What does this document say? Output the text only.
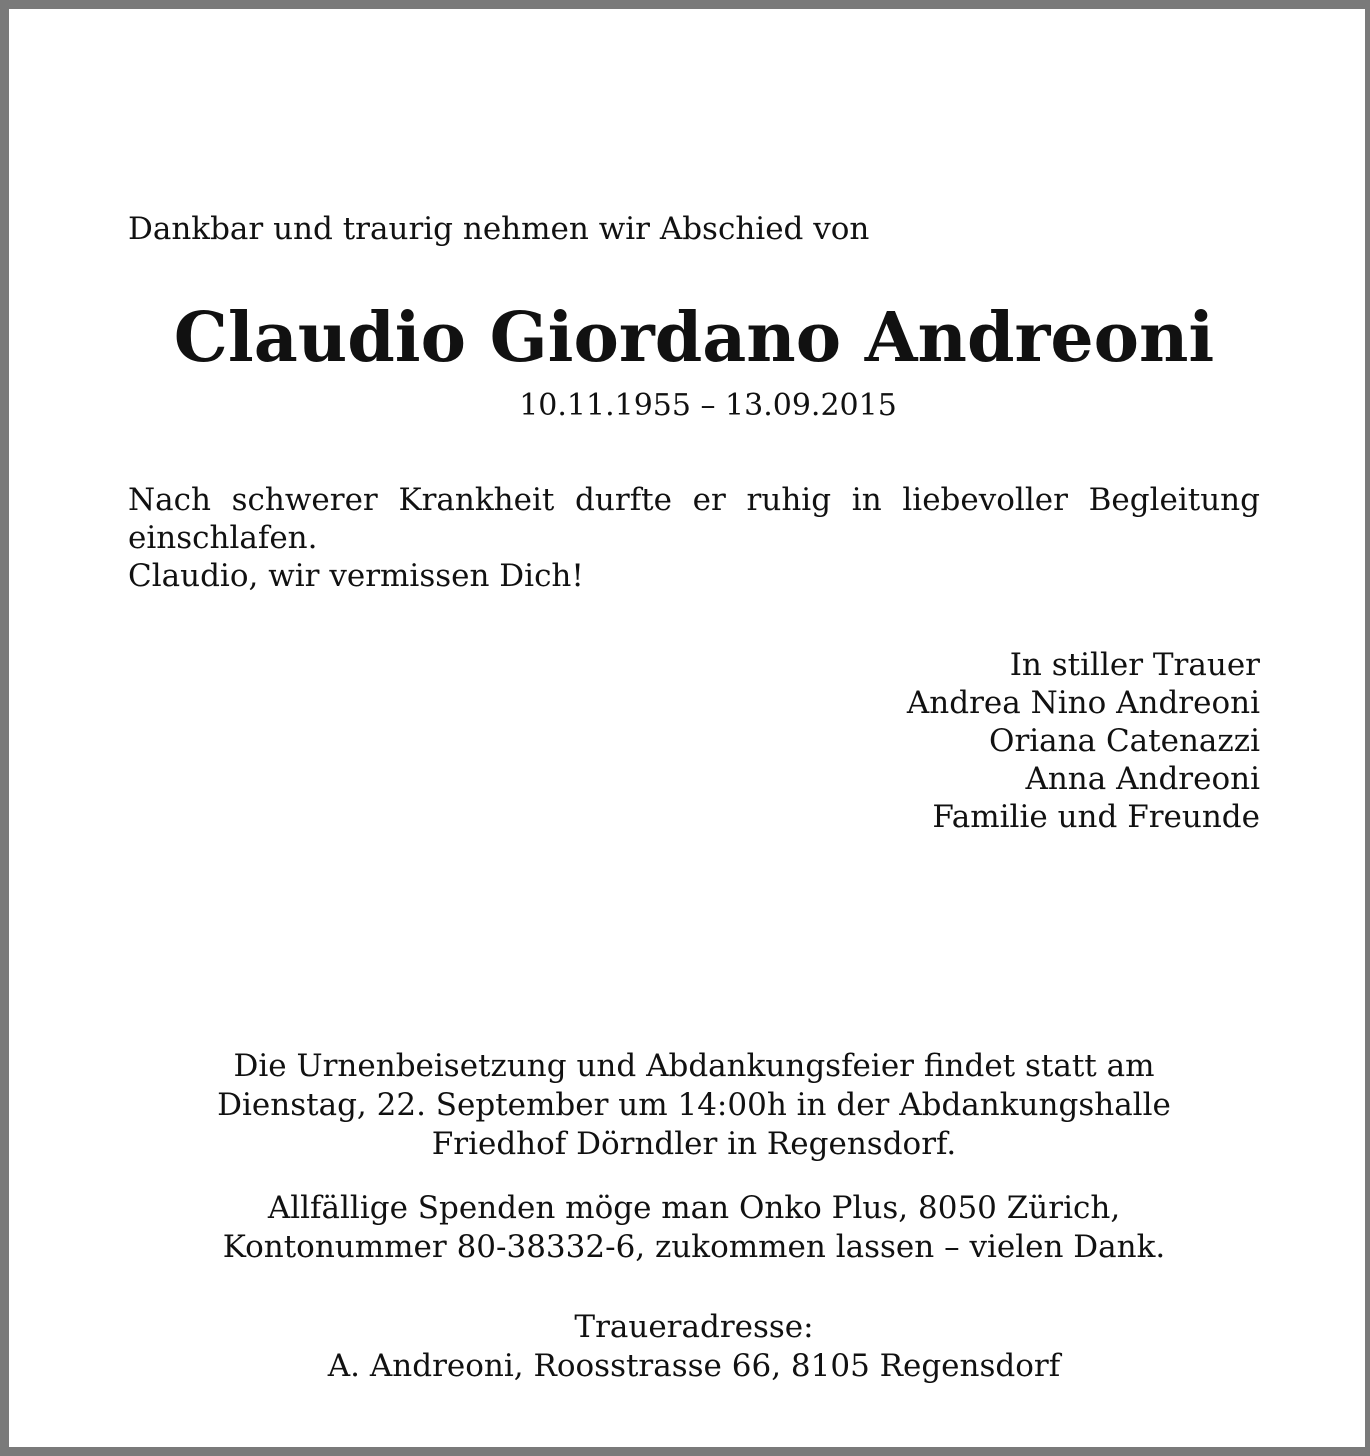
Dankbar und traurig nehmen wir Abschied von
Claudio Giordano Andreoni
10.11.1955 – 13.09.2015
Nach schwerer Krankheit durfte er ruhig in liebevoller Begleitung
einschlafen.
Claudio, wir vermissen Dich!
In stiller Trauer
Andrea Nino Andreoni
Oriana Catenazzi
Anna Andreoni
Familie und Freunde
Die Urnenbeisetzung und Abdankungsfeier findet statt am
Dienstag, 22. September um 14:00h in der Abdankungshalle
Friedhof Dörndler in Regensdorf.
Allfällige Spenden möge man Onko Plus, 8050 Zürich,
Kontonummer 80-38332-6, zukommen lassen – vielen Dank.
Traueradresse:
A. Andreoni, Roosstrasse 66, 8105 Regensdorf
